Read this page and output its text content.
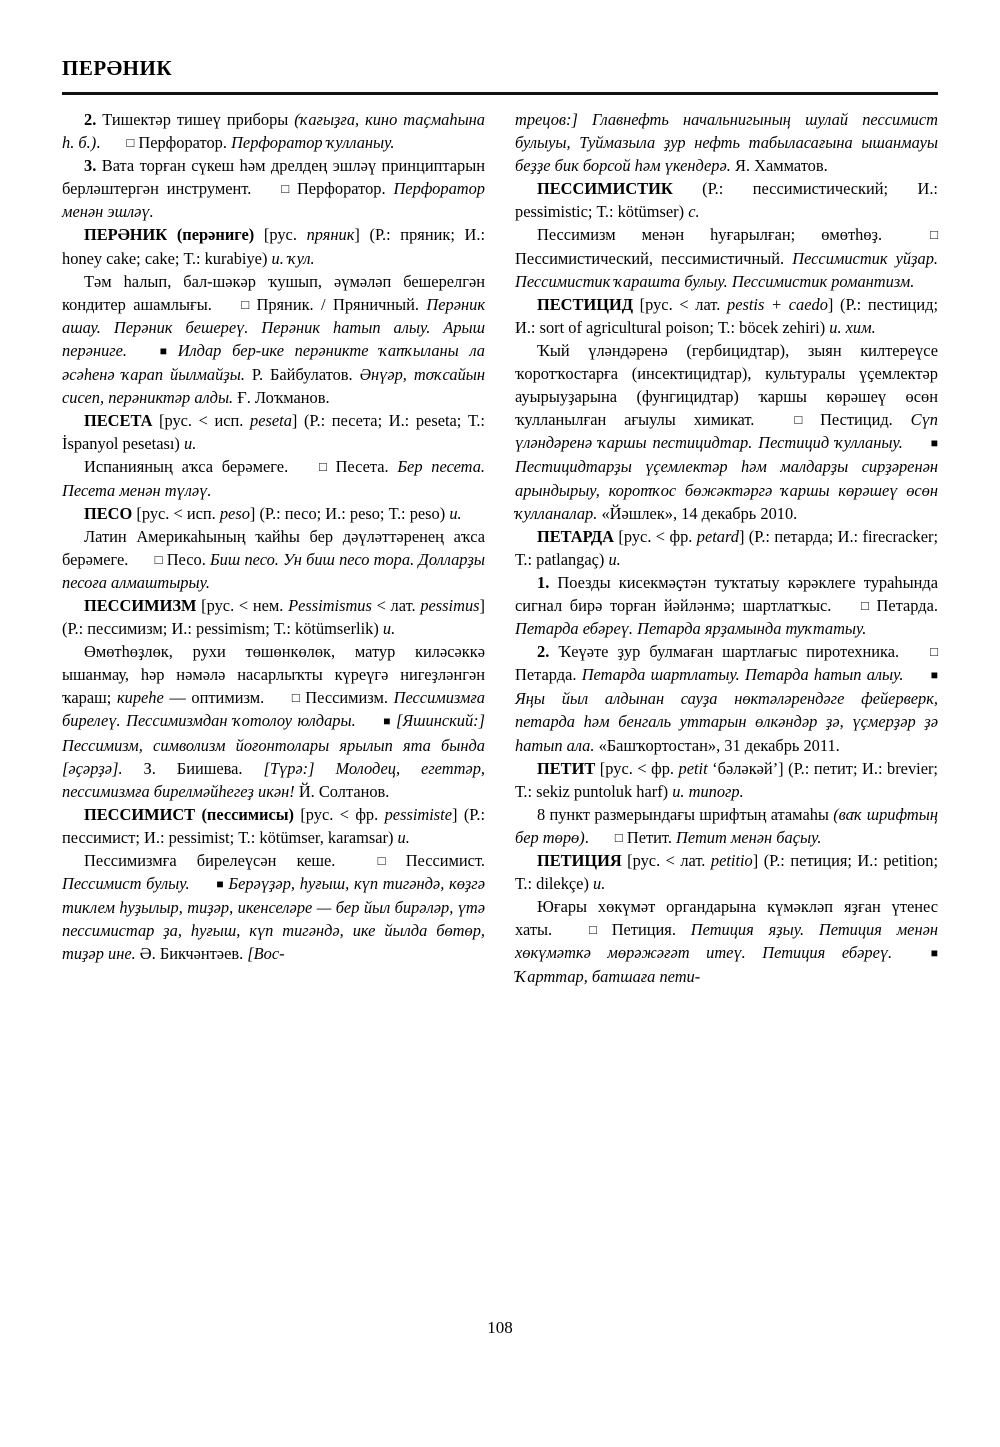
ПЕРӘНИК

2. Тишектәр тишеү приборы (ҡағыҙға, кино таҫмаһына һ. б.). □ Перфоратор. Перфоратор ҡулланыу.

3. Вата торған сүкеш һәм дрелдең эшләү принциптарын берләштергән инструмент. □ Перфоратор. Перфоратор менән эшләү.

ПЕРӘНИК (перәниге) [рус. пряник] (Р.: пряник; И.: honey cake; cake; Т.: kurabiye) и. ҡул.

Тәм һалып, бал-шәкәр ҡушып, әүмәләп бешерелгән кондитер ашамлығы. □ Пряник. / Пряничный. Перәник ашау. Перәник бешереү. Перәник һатып алыу. Арыш перәниге.	■ Илдар бер-ике перәникте ҡапҡыланы ла әсәһенә ҡарап йылмайҙы. Р. Байбулатов. Әнүәр, тоҡсайын сисеп, перәниктәр алды. Ғ. Лоҡманов.

ПЕСЕТА [рус. < исп. peseta] (Р.: песета; И.: peseta; Т.: İspanyol pesetası) и.

Испанияның аҡса берәмеге. □ Песета. Бер песета. Песета менән түләү.

ПЕСО [рус. < исп. peso] (Р.: песо; И.: peso; Т.: peso) и.

Латин Америкаһының ҡайһы бер дәүләттәренең аҡса берәмеге. □ Песо. Биш песо. Ун биш песо тора. Долларҙы песоға алмаштырыу.

ПЕССИМИЗМ [рус. < нем. Pessimismus < лат. pessimus] (Р.: пессимизм; И.: pessimism; Т.: kötümserlik) и.

Өмөтһөҙлөк, рухи төшөнкөлөк, матур киләсәккә ышанмау, һәр нәмәлә насарлыҡты күреүгә нигеҙләнгән ҡараш; киреһе — оптимизм. □ Пессимизм. Пессимизмға бирелеү. Пессимизмдан ҡотолоу юлдары. ■ [Яшинский:] Пессимизм, символизм йоғонтолары ярылып ята бында [әҫәрҙә]. З. Биишева. [Түрә:] Молодец, егеттәр, пессимизмға бирелмәйһегеҙ икән! Й. Солтанов.

ПЕССИМИСТ (пессимисы) [рус. < фр. pessimiste] (Р.: пессимист; И.: pessimist; Т.: kötümser, karamsar) и.

Пессимизмға бирелеүсән кеше. □ Пессимист. Пессимист булыу. ■ Берәүҙәр, һуғыш, күп тигәндә, көҙгә тиклем һуҙылыр, тиҙәр, икенселәре — бер йыл бирәләр, үтә пессимистар ҙа, һуғыш, күп тигәндә, ике йылда бөтөр, тиҙәр ине. Ә. Бикчәнтәев. [Вос-

трецов:] Главнефть начальнигының шулай пессимист булыуы, Туймазыла ҙур нефть табыласағына ышанмауы беҙҙе бик борсой һәм үкендерә. Я. Хамматов.

ПЕССИМИСТИК (Р.: пессимистический; И.: pessimistic; Т.: kötümser) с.

Пессимизм менән һуғарылған; өмөтһөҙ. □ Пессимистический, пессимистичный. Пессимистик уйҙар. Пессимистик ҡарашта булыу. Пессимистик романтизм.

ПЕСТИЦИД [рус. < лат. pestis + caedo] (Р.: пестицид; И.: sort of agricultural poison; Т.: böcek zehiri) и. хим.

Ҡый үләндәренә (гербицидтар), зыян килтереүсе ҡоротҡостарға (инсектицидтар), культуралы үҫемлектәр ауырыуҙарына (фунгицидтар) ҡаршы көрәшеү өсөн ҡулланылған ағыулы химикат. □ Пестицид. Сүп үләндәренә ҡаршы пестицидтар. Пестицид ҡулланыу. ■ Пестицидтарҙы үҫемлектәр һәм малдарҙы сирҙәренән арындырыу, коротҡос бөжәктәргә ҡаршы көрәшеү өсөн ҡулланалар. «Йәшлек», 14 декабрь 2010.

ПЕТАРДА [рус. < фр. petard] (Р.: петарда; И.: firecracker; Т.: patlangaç) и.

1. Поезды кисекмәҫтән туҡтатыу кәрәклеге тураһында сигнал бирә торған йәйләнмә; шартлатҡыс. □ Петарда. Петарда ебәреү. Петарда ярҙамында туҡтатыу.

2. Ҡеүәте ҙур булмаған шартлағыс пиротехника. □ Петарда. Петарда шартлатыу. Петарда һатып алыу. ■ Яңы йыл алдынан сауҙа нөктәләрендәге фейерверк, петарда һәм бенгаль уттарын өлкәндәр ҙә, үҫмерҙәр ҙә һатып ала. «Башҡортостан», 31 декабрь 2011.

ПЕТИТ [рус. < фр. petit ‘бәләкәй’] (Р.: петит; И.: brevier; Т.: sekiz puntoluk harf) и. типогр.

8 пункт размерындағы шрифтың атамаһы (ваҡ шрифтың бер төрө). □ Петит. Петит менән баҫыу.

ПЕТИЦИЯ [рус. < лат. petitio] (Р.: петиция; И.: petition; Т.: dilekçe) и.

Юғары хөкүмәт органдарына күмәкләп яҙған үтенес хаты. □ Петиция. Петиция яҙыу. Петиция менән хөкүмәткә мөрәжәғәт итеү. Петиция ебәреү.	■ Ҡарттар, батшаға пети-

108
